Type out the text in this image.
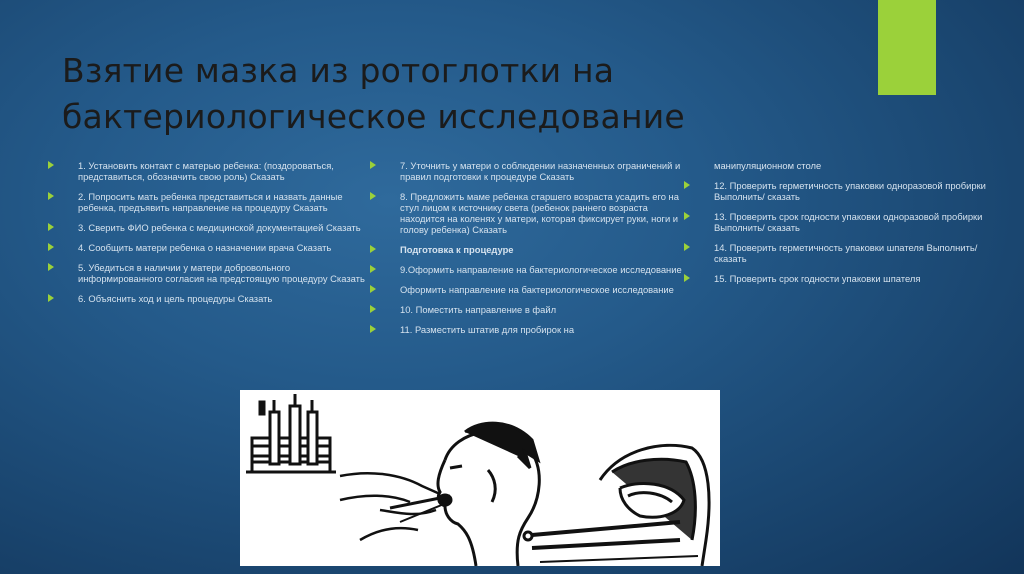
Взятие мазка из ротоглотки на бактериологическое исследование
1. Установить контакт с матерью ребенка: (поздороваться, представиться, обозначить свою роль) Сказать
2. Попросить мать ребенка представиться и назвать данные ребенка, предъявить направление на процедуру Сказать
3. Сверить ФИО ребенка с медицинской документацией Сказать
4. Сообщить матери ребенка о назначении врача Сказать
5. Убедиться в наличии у матери добровольного информированного согласия на предстоящую процедуру Сказать
6. Объяснить ход и цель процедуры Сказать
7. Уточнить у матери о соблюдении назначенных ограничений и правил подготовки к процедуре Сказать
8. Предложить маме ребенка старшего возраста усадить его на стул лицом к источнику света (ребенок раннего возраста находится на коленях у матери, которая фиксирует руки, ноги и голову ребенка) Сказать
Подготовка к процедуре
9.Оформить направление на бактериологическое исследование
Оформить направление на бактериологическое исследование
10. Поместить направление в файл
11. Разместить штатив для пробирок на
манипуляционном столе
12. Проверить герметичность упаковки одноразовой пробирки Выполнить/ сказать
13. Проверить срок годности упаковки одноразовой пробирки Выполнить/ сказать
14. Проверить герметичность упаковки шпателя Выполнить/ сказать
15. Проверить срок годности упаковки шпателя
